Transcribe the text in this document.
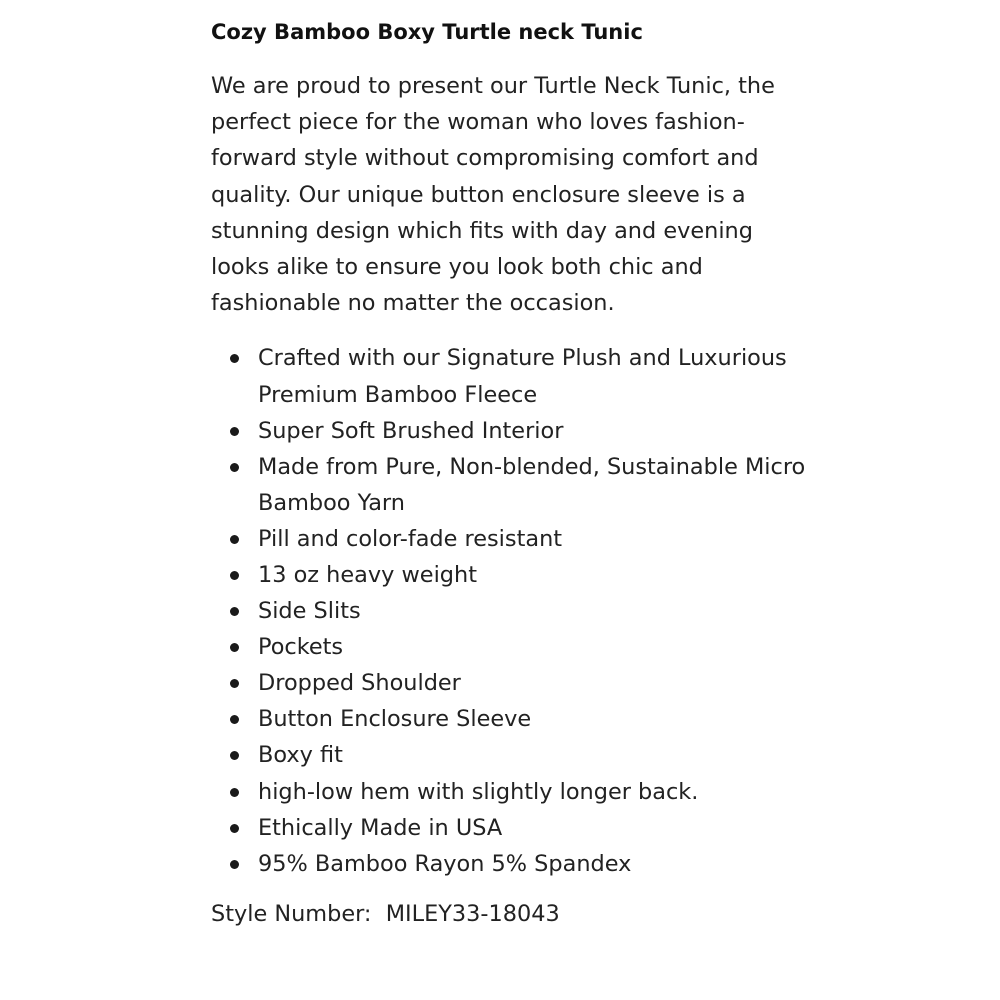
Cozy Bamboo Boxy Turtle neck Tunic

We are proud to present our Turtle Neck Tunic, the perfect piece for the woman who loves fashion-forward style without compromising comfort and quality. Our unique button enclosure sleeve is a stunning design which fits with day and evening looks alike to ensure you look both chic and fashionable no matter the occasion.

Crafted with our Signature Plush and Luxurious Premium Bamboo Fleece
Super Soft Brushed Interior
Made from Pure, Non-blended, Sustainable Micro Bamboo Yarn
Pill and color-fade resistant
13 oz heavy weight
Side Slits
Pockets
Dropped Shoulder
Button Enclosure Sleeve
Boxy fit
high-low hem with slightly longer back.
Ethically Made in USA
95% Bamboo Rayon 5% Spandex

Style Number: MILEY33-18043
